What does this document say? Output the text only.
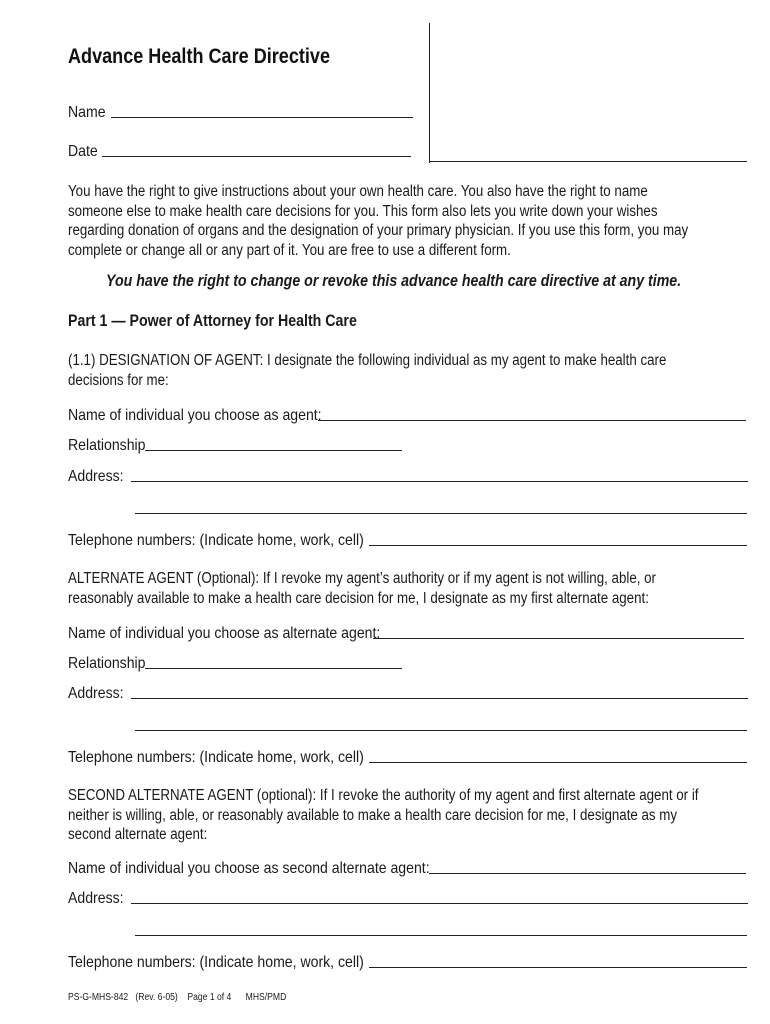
Advance Health Care Directive
Name
Date
You have the right to give instructions about your own health care. You also have the right to name
someone else to make health care decisions for you. This form also lets you write down your wishes
regarding donation of organs and the designation of your primary physician. If you use this form, you may
complete or change all or any part of it. You are free to use a different form.
You have the right to change or revoke this advance health care directive at any time.
Part 1 — Power of Attorney for Health Care
(1.1) DESIGNATION OF AGENT: I designate the following individual as my agent to make health care
decisions for me:
Name of individual you choose as agent:
Relationship
Address:
Telephone numbers: (Indicate home, work, cell)
ALTERNATE AGENT (Optional): If I revoke my agent’s authority or if my agent is not willing, able, or
reasonably available to make a health care decision for me, I designate as my first alternate agent:
Name of individual you choose as alternate agent:
Relationship
Address:
Telephone numbers: (Indicate home, work, cell)
SECOND ALTERNATE AGENT (optional): If I revoke the authority of my agent and first alternate agent or if
neither is willing, able, or reasonably available to make a health care decision for me, I designate as my
second alternate agent:
Name of individual you choose as second alternate agent:
Address:
Telephone numbers: (Indicate home, work, cell)
PS-G-MHS-842 (Rev. 6-05) Page 1 of 4 MHS/PMD
